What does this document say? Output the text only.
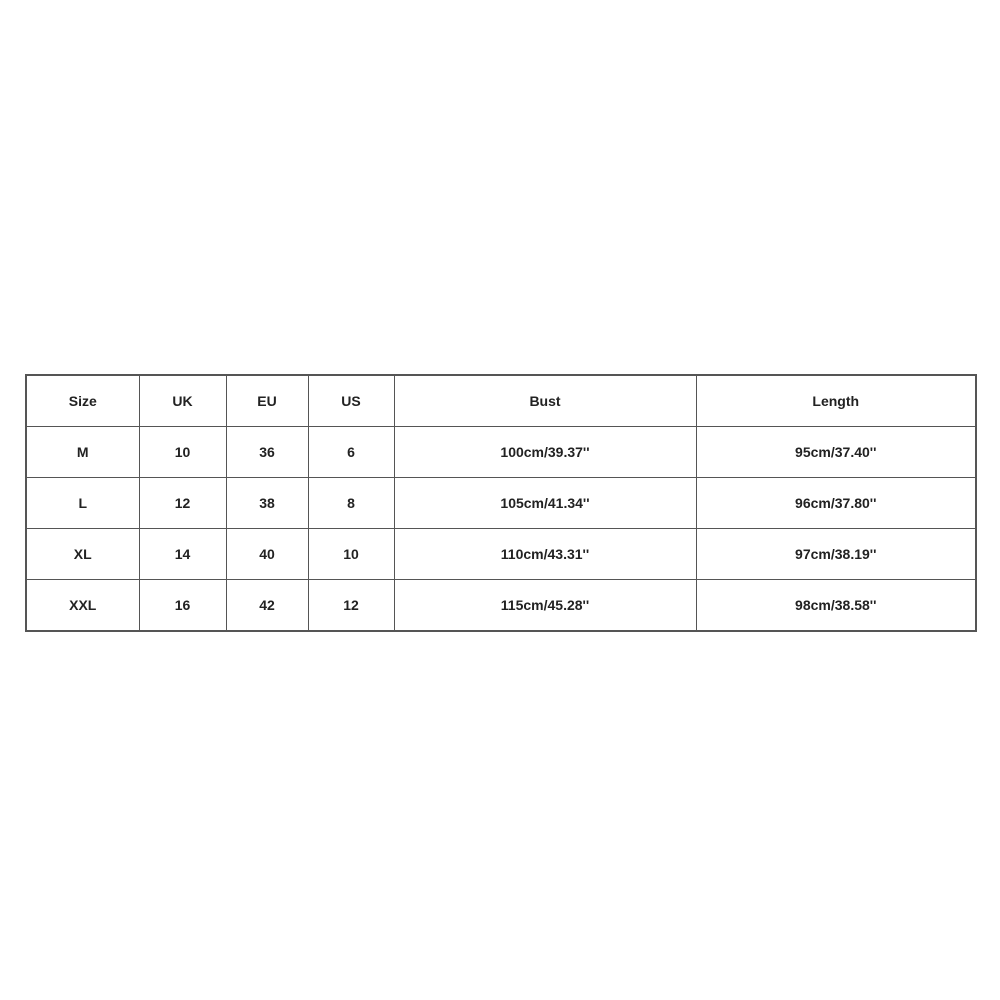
Size	UK	EU	US	Bust	Length
M	10	36	6	100cm/39.37''	95cm/37.40''
L	12	38	8	105cm/41.34''	96cm/37.80''
XL	14	40	10	110cm/43.31''	97cm/38.19''
XXL	16	42	12	115cm/45.28''	98cm/38.58''
